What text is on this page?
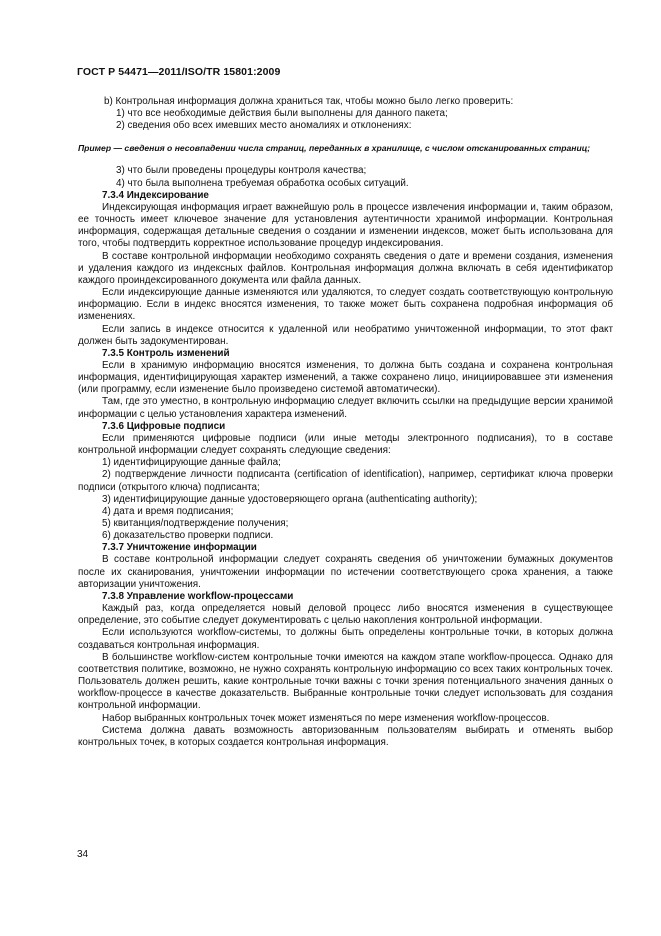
ГОСТ Р 54471—2011/ISO/TR 15801:2009

b) Контрольная информация должна храниться так, чтобы можно было легко проверить:

1) что все необходимые действия были выполнены для данного пакета;

2) сведения обо всех имевших место аномалиях и отклонениях:

Пример — сведения о несовпадении числа страниц, переданных в хранилище, с числом отсканированных страниц;

3) что были проведены процедуры контроля качества;

4) что была выполнена требуемая обработка особых ситуаций.

7.3.4 Индексирование

Индексирующая информация играет важнейшую роль в процессе извлечения информации и, таким образом, ее точность имеет ключевое значение для установления аутентичности хранимой информации. Контрольная информация, содержащая детальные сведения о создании и изменении индексов, может быть использована для того, чтобы подтвердить корректное использование процедур индексирования.

В составе контрольной информации необходимо сохранять сведения о дате и времени создания, изменения и удаления каждого из индексных файлов. Контрольная информация должна включать в себя идентификатор каждого проиндексированного документа или файла данных.

Если индексирующие данные изменяются или удаляются, то следует создать соответствующую контрольную информацию. Если в индекс вносятся изменения, то также может быть сохранена подробная информация об изменениях.

Если запись в индексе относится к удаленной или необратимо уничтоженной информации, то этот факт должен быть задокументирован.

7.3.5 Контроль изменений

Если в хранимую информацию вносятся изменения, то должна быть создана и сохранена контрольная информация, идентифицирующая характер изменений, а также сохранено лицо, инициировавшее эти изменения (или программу, если изменение было произведено системой автоматически).

Там, где это уместно, в контрольную информацию следует включить ссылки на предыдущие версии хранимой информации с целью установления характера изменений.

7.3.6 Цифровые подписи

Если применяются цифровые подписи (или иные методы электронного подписания), то в составе контрольной информации следует сохранять следующие сведения:

1) идентифицирующие данные файла;

2) подтверждение личности подписанта (certification of identification), например, сертификат ключа проверки подписи (открытого ключа) подписанта;

3) идентифицирующие данные удостоверяющего органа (authenticating authority);

4) дата и время подписания;

5) квитанция/подтверждение получения;

6) доказательство проверки подписи.

7.3.7 Уничтожение информации

В составе контрольной информации следует сохранять сведения об уничтожении бумажных документов после их сканирования, уничтожении информации по истечении соответствующего срока хранения, а также авторизации уничтожения.

7.3.8 Управление workflow-процессами

Каждый раз, когда определяется новый деловой процесс либо вносятся изменения в существующее определение, это событие следует документировать с целью накопления контрольной информации.

Если используются workflow-системы, то должны быть определены контрольные точки, в которых должна создаваться контрольная информация.

В большинстве workflow-систем контрольные точки имеются на каждом этапе workflow-процесса. Однако для соответствия политике, возможно, не нужно сохранять контрольную информацию со всех таких контрольных точек. Пользователь должен решить, какие контрольные точки важны с точки зрения потенциального значения данных о workflow-процессе в качестве доказательств. Выбранные контрольные точки следует использовать для создания контрольной информации.

Набор выбранных контрольных точек может изменяться по мере изменения workflow-процессов.

Система должна давать возможность авторизованным пользователям выбирать и отменять выбор контрольных точек, в которых создается контрольная информация.

34
